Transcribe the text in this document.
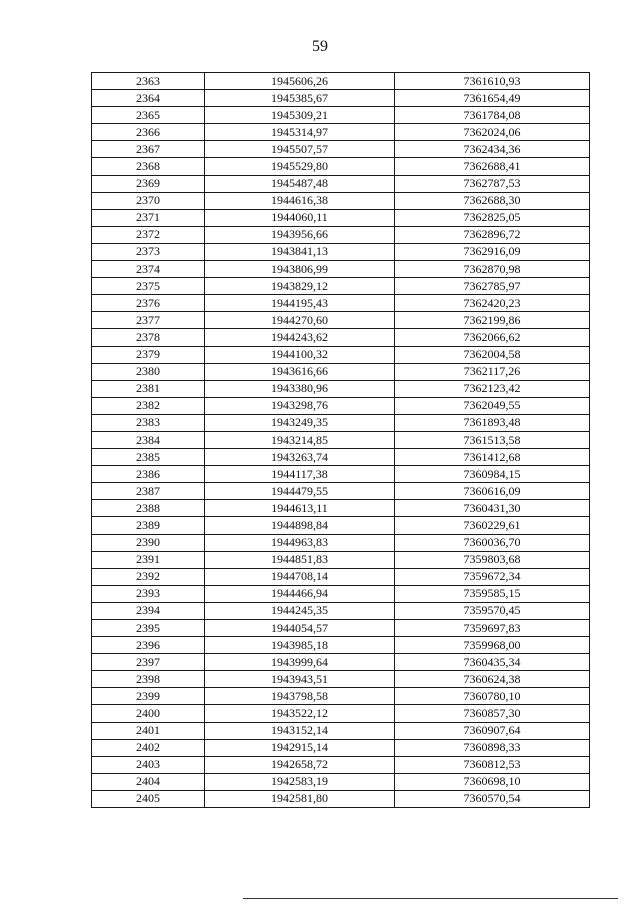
59
2363	1945606,26	7361610,93
2364	1945385,67	7361654,49
2365	1945309,21	7361784,08
2366	1945314,97	7362024,06
2367	1945507,57	7362434,36
2368	1945529,80	7362688,41
2369	1945487,48	7362787,53
2370	1944616,38	7362688,30
2371	1944060,11	7362825,05
2372	1943956,66	7362896,72
2373	1943841,13	7362916,09
2374	1943806,99	7362870,98
2375	1943829,12	7362785,97
2376	1944195,43	7362420,23
2377	1944270,60	7362199,86
2378	1944243,62	7362066,62
2379	1944100,32	7362004,58
2380	1943616,66	7362117,26
2381	1943380,96	7362123,42
2382	1943298,76	7362049,55
2383	1943249,35	7361893,48
2384	1943214,85	7361513,58
2385	1943263,74	7361412,68
2386	1944117,38	7360984,15
2387	1944479,55	7360616,09
2388	1944613,11	7360431,30
2389	1944898,84	7360229,61
2390	1944963,83	7360036,70
2391	1944851,83	7359803,68
2392	1944708,14	7359672,34
2393	1944466,94	7359585,15
2394	1944245,35	7359570,45
2395	1944054,57	7359697,83
2396	1943985,18	7359968,00
2397	1943999,64	7360435,34
2398	1943943,51	7360624,38
2399	1943798,58	7360780,10
2400	1943522,12	7360857,30
2401	1943152,14	7360907,64
2402	1942915,14	7360898,33
2403	1942658,72	7360812,53
2404	1942583,19	7360698,10
2405	1942581,80	7360570,54
